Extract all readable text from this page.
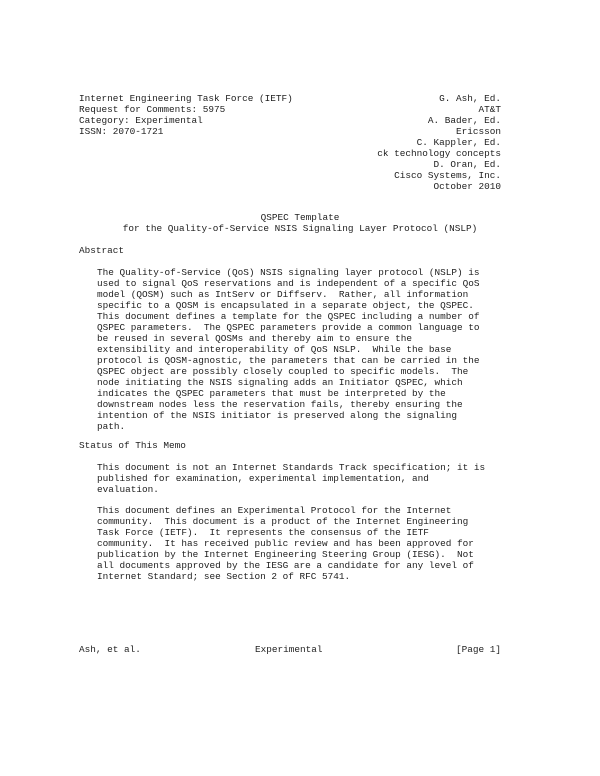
Internet Engineering Task Force (IETF)
Request for Comments: 5975
Category: Experimental
ISSN: 2070-1721
G. Ash, Ed.
AT&T
A. Bader, Ed.
Ericsson
C. Kappler, Ed.
ck technology concepts
D. Oran, Ed.
Cisco Systems, Inc.
October 2010
QSPEC Template
for the Quality-of-Service NSIS Signaling Layer Protocol (NSLP)
Abstract
The Quality-of-Service (QoS) NSIS signaling layer protocol (NSLP) is
used to signal QoS reservations and is independent of a specific QoS
model (QOSM) such as IntServ or Diffserv.  Rather, all information
specific to a QOSM is encapsulated in a separate object, the QSPEC.
This document defines a template for the QSPEC including a number of
QSPEC parameters.  The QSPEC parameters provide a common language to
be reused in several QOSMs and thereby aim to ensure the
extensibility and interoperability of QoS NSLP.  While the base
protocol is QOSM-agnostic, the parameters that can be carried in the
QSPEC object are possibly closely coupled to specific models.  The
node initiating the NSIS signaling adds an Initiator QSPEC, which
indicates the QSPEC parameters that must be interpreted by the
downstream nodes less the reservation fails, thereby ensuring the
intention of the NSIS initiator is preserved along the signaling
path.
Status of This Memo
This document is not an Internet Standards Track specification; it is
published for examination, experimental implementation, and
evaluation.
This document defines an Experimental Protocol for the Internet
community.  This document is a product of the Internet Engineering
Task Force (IETF).  It represents the consensus of the IETF
community.  It has received public review and has been approved for
publication by the Internet Engineering Steering Group (IESG).  Not
all documents approved by the IESG are a candidate for any level of
Internet Standard; see Section 2 of RFC 5741.
Ash, et al.	Experimental	[Page 1]
